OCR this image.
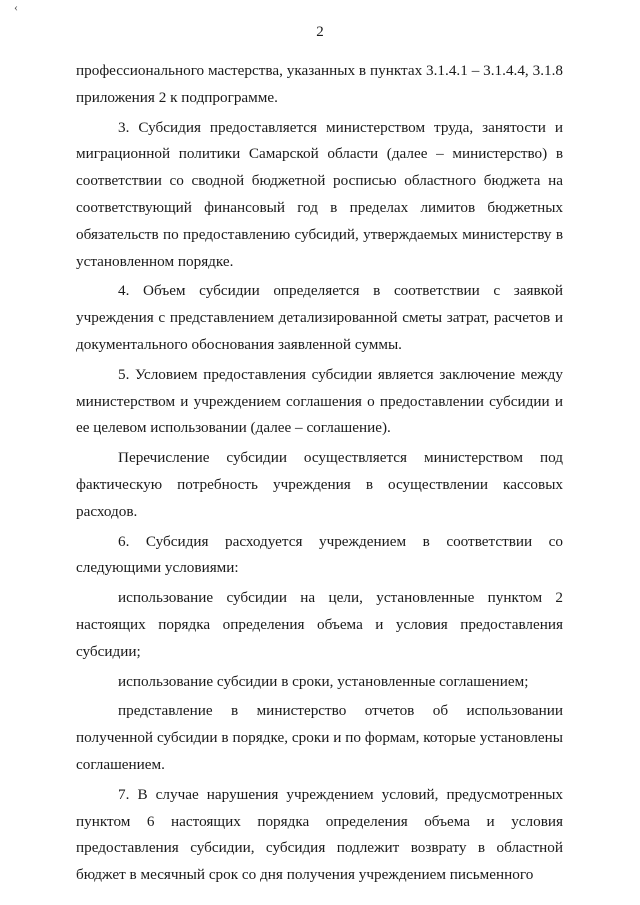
‹
2

профессионального мастерства, указанных в пунктах 3.1.4.1 – 3.1.4.4, 3.1.8 приложения 2 к подпрограмме.

3. Субсидия предоставляется министерством труда, занятости и миграционной политики Самарской области (далее – министерство) в соответствии со сводной бюджетной росписью областного бюджета на соответствующий финансовый год в пределах лимитов бюджетных обязательств по предоставлению субсидий, утверждаемых министерству в установленном порядке.

4. Объем субсидии определяется в соответствии с заявкой учреждения с представлением детализированной сметы затрат, расчетов и документального обоснования заявленной суммы.

5. Условием предоставления субсидии является заключение между министерством и учреждением соглашения о предоставлении субсидии и ее целевом использовании (далее – соглашение).

Перечисление субсидии осуществляется министерством под фактическую потребность учреждения в осуществлении кассовых расходов.

6. Субсидия расходуется учреждением в соответствии со следующими условиями:

использование субсидии на цели, установленные пунктом 2 настоящих порядка определения объема и условия предоставления субсидии;

использование субсидии в сроки, установленные соглашением;

представление в министерство отчетов об использовании полученной субсидии в порядке, сроки и по формам, которые установлены соглашением.

7. В случае нарушения учреждением условий, предусмотренных пунктом 6 настоящих порядка определения объема и условия предоставления субсидии, субсидия подлежит возврату в областной бюджет в месячный срок со дня получения учреждением письменного
